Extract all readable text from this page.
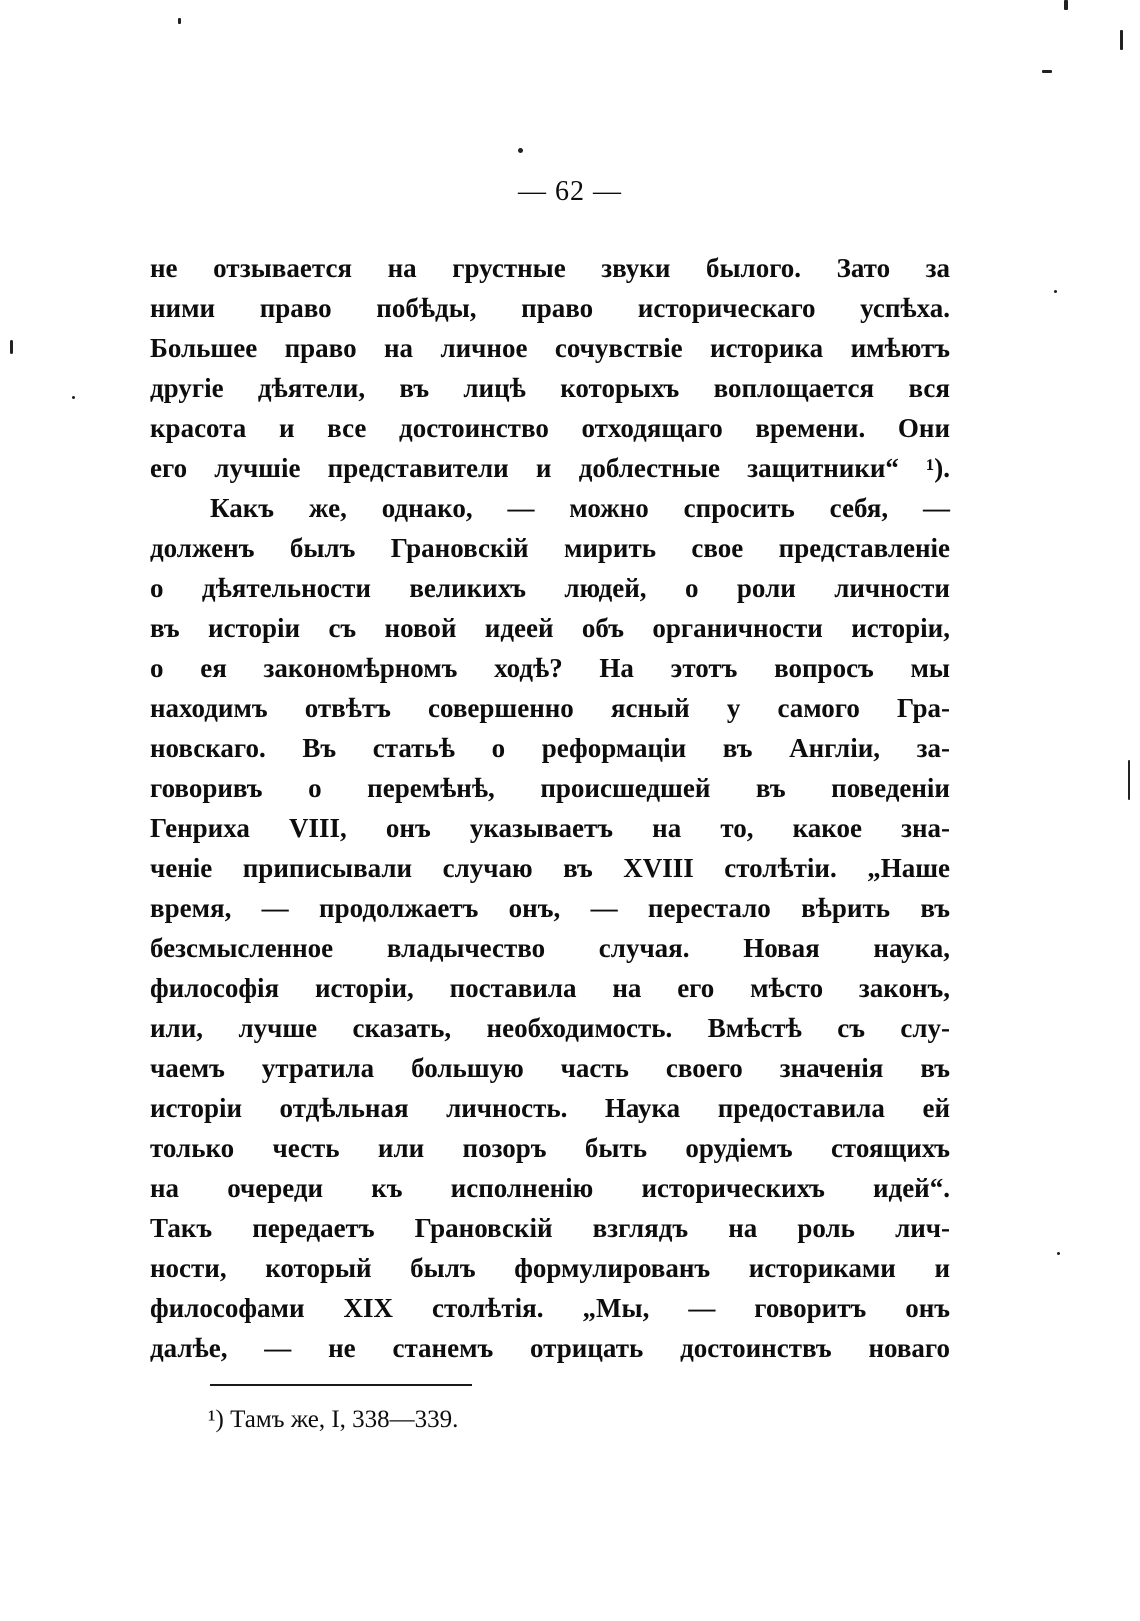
— 62 —
не отзывается на грустные звуки былого. Зато за
ними право побѣды, право историческаго успѣха.
Большее право на личное сочувствіе историка имѣютъ
другіе дѣятели, въ лицѣ которыхъ воплощается вся
красота и все достоинство отходящаго времени. Они
его лучшіе представители и доблестные защитники“ ¹).
Какъ же, однако, — можно спросить себя, —
долженъ былъ Грановскій мирить свое представленіе
о дѣятельности великихъ людей, о роли личности
въ исторіи съ новой идеей объ органичности исторіи,
о ея закономѣрномъ ходѣ? На этотъ вопросъ мы
находимъ отвѣтъ совершенно ясный у самого Гра-
новскаго. Въ статьѣ о реформаціи въ Англіи, за-
говоривъ о перемѣнѣ, происшедшей въ поведеніи
Генриха VIII, онъ указываетъ на то, какое зна-
ченіе приписывали случаю въ XVIII столѣтіи. „Наше
время, — продолжаетъ онъ, — перестало вѣрить въ
безсмысленное владычество случая. Новая наука,
философія исторіи, поставила на его мѣсто законъ,
или, лучше сказать, необходимость. Вмѣстѣ съ слу-
чаемъ утратила большую часть своего значенія въ
исторіи отдѣльная личность. Наука предоставила ей
только честь или позоръ быть орудіемъ стоящихъ
на очереди къ исполненію историческихъ идей“.
Такъ передаетъ Грановскій взглядъ на роль лич-
ности, который былъ формулированъ историками и
философами XIX столѣтія. „Мы, — говоритъ онъ
далѣе, — не станемъ отрицать достоинствъ новаго
¹) Тамъ же, I, 338—339.
